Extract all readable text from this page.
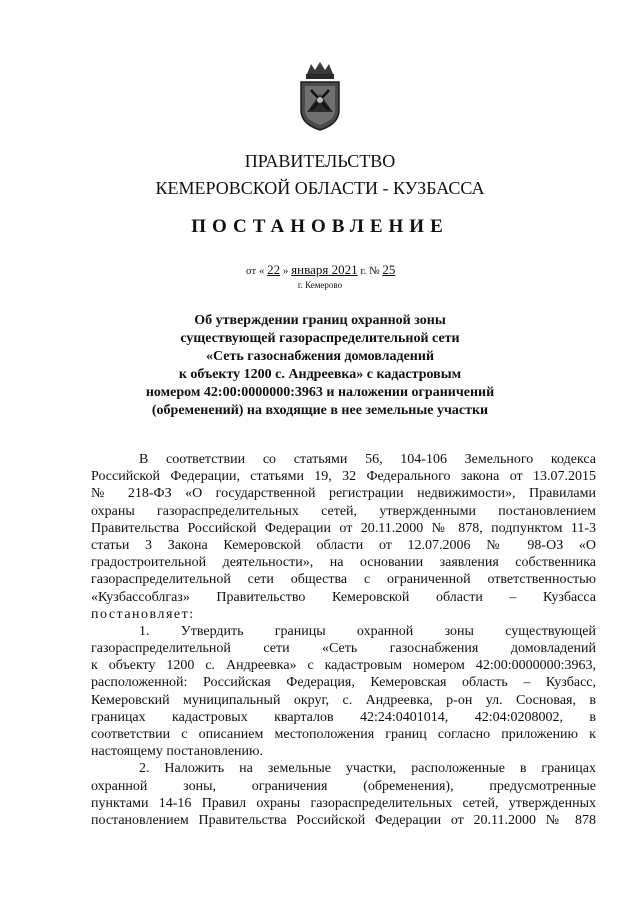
ПРАВИТЕЛЬСТВО
КЕМЕРОВСКОЙ ОБЛАСТИ - КУЗБАССА
ПОСТАНОВЛЕНИЕ
от « 22 » января 2021 г. № 25
г. Кемерово
Об утверждении границ охранной зоны
существующей газораспределительной сети
«Сеть газоснабжения домовладений
к объекту 1200 с. Андреевка» с кадастровым
номером 42:00:0000000:3963 и наложении ограничений
(обременений) на входящие в нее земельные участки
В соответствии со статьями 56, 104-106 Земельного кодекса
Российской Федерации, статьями 19, 32 Федерального закона от 13.07.2015
№ 218-ФЗ «О государственной регистрации недвижимости», Правилами
охраны газораспределительных сетей, утвержденными постановлением
Правительства Российской Федерации от 20.11.2000 № 878, подпунктом 11-3
статьи 3 Закона Кемеровской области от 12.07.2006 № 98-ОЗ «О
градостроительной деятельности», на основании заявления собственника
газораспределительной сети общества с ограниченной ответственностью
«Кузбассоблгаз» Правительство Кемеровской области – Кузбасса
постановляет:
1. Утвердить границы охранной зоны существующей
газораспределительной сети «Сеть газоснабжения домовладений
к объекту 1200 с. Андреевка» с кадастровым номером 42:00:0000000:3963,
расположенной: Российская Федерация, Кемеровская область – Кузбасс,
Кемеровский муниципальный округ, с. Андреевка, р-он ул. Сосновая, в
границах кадастровых кварталов 42:24:0401014, 42:04:0208002, в
соответствии с описанием местоположения границ согласно приложению к
настоящему постановлению.
2. Наложить на земельные участки, расположенные в границах
охранной зоны, ограничения (обременения), предусмотренные
пунктами 14-16 Правил охраны газораспределительных сетей, утвержденных
постановлением Правительства Российской Федерации от 20.11.2000 № 878
